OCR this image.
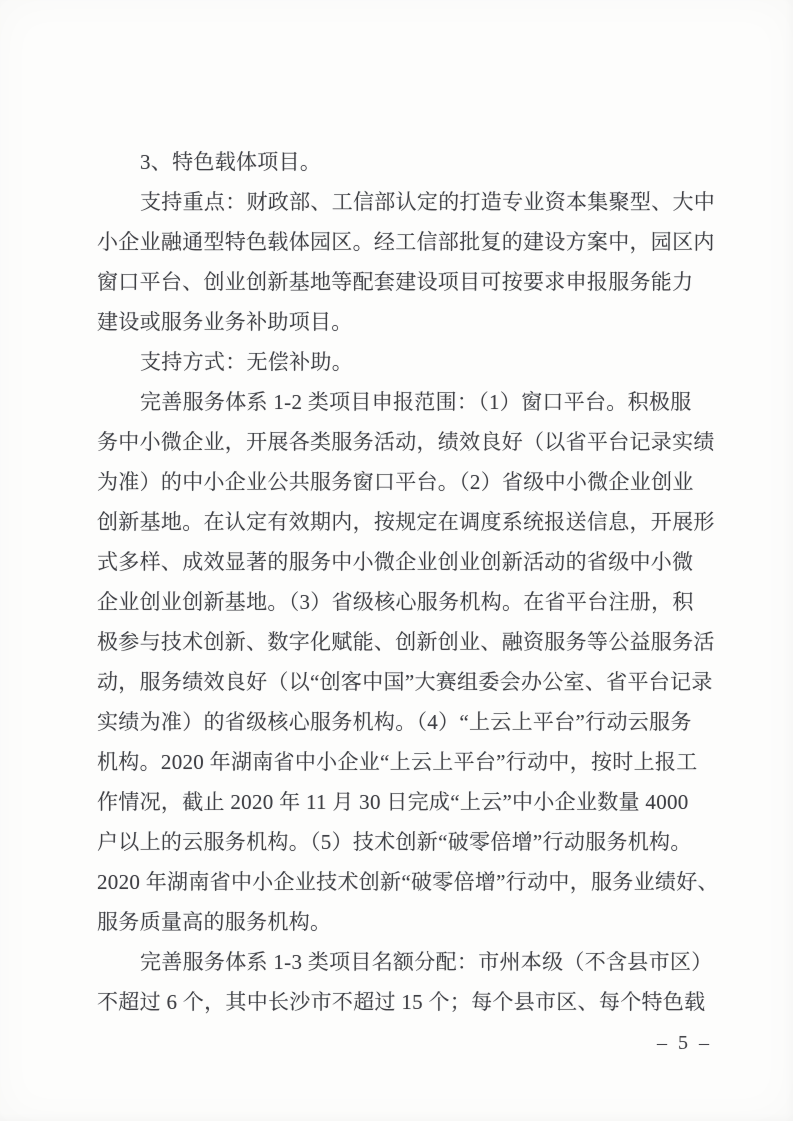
3、特色载体项目。
支持重点：财政部、工信部认定的打造专业资本集聚型、大中
小企业融通型特色载体园区。经工信部批复的建设方案中，园区内
窗口平台、创业创新基地等配套建设项目可按要求申报服务能力
建设或服务业务补助项目。
支持方式：无偿补助。
完善服务体系 1-2 类项目申报范围：（1）窗口平台。积极服
务中小微企业，开展各类服务活动，绩效良好（以省平台记录实绩
为准）的中小企业公共服务窗口平台。（2）省级中小微企业创业
创新基地。在认定有效期内，按规定在调度系统报送信息，开展形
式多样、成效显著的服务中小微企业创业创新活动的省级中小微
企业创业创新基地。（3）省级核心服务机构。在省平台注册，积
极参与技术创新、数字化赋能、创新创业、融资服务等公益服务活
动，服务绩效良好（以“创客中国”大赛组委会办公室、省平台记录
实绩为准）的省级核心服务机构。（4）“上云上平台”行动云服务
机构。2020 年湖南省中小企业“上云上平台”行动中，按时上报工
作情况，截止 2020 年 11 月 30 日完成“上云”中小企业数量 4000
户以上的云服务机构。（5）技术创新“破零倍增”行动服务机构。
2020 年湖南省中小企业技术创新“破零倍增”行动中，服务业绩好、
服务质量高的服务机构。
完善服务体系 1-3 类项目名额分配：市州本级（不含县市区）
不超过 6 个，其中长沙市不超过 15 个；每个县市区、每个特色载
– 5 –
